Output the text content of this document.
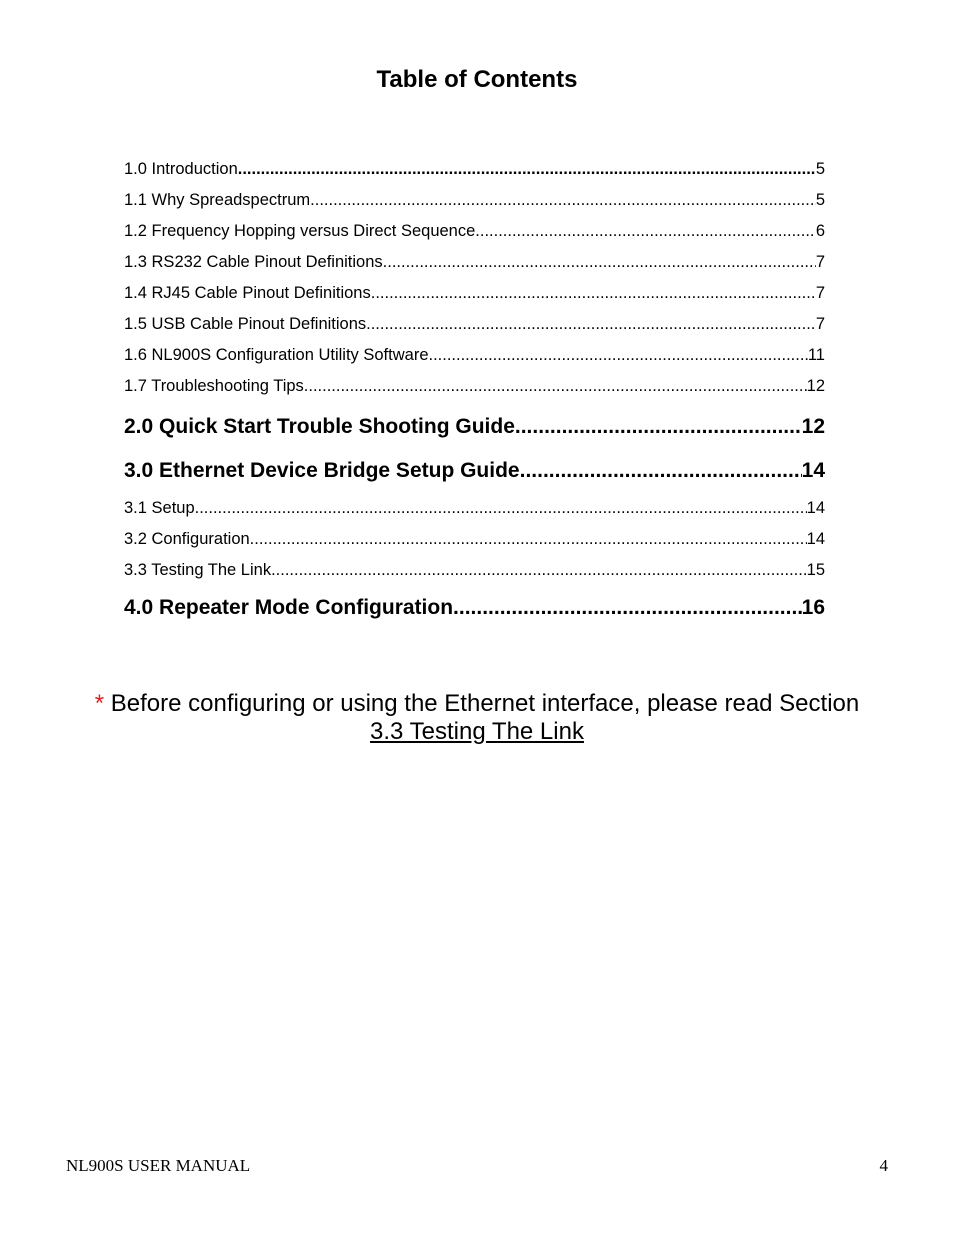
Table of Contents
1.0 Introduction .....	5
1.1 Why Spreadspectrum .....	5
1.2 Frequency Hopping versus Direct Sequence .....	6
1.3 RS232 Cable Pinout Definitions .....	7
1.4 RJ45 Cable Pinout Definitions .....	7
1.5 USB Cable Pinout Definitions .....	7
1.6 NL900S Configuration Utility Software .....	11
1.7 Troubleshooting Tips .....	12
2.0 Quick Start Trouble Shooting Guide .....	12
3.0 Ethernet Device Bridge Setup Guide .....	14
3.1 Setup .....	14
3.2 Configuration .....	14
3.3 Testing The Link .....	15
4.0 Repeater Mode Configuration .....	16
* Before configuring or using the Ethernet interface, please read Section
3.3 Testing The Link
NL900S USER MANUAL	4
